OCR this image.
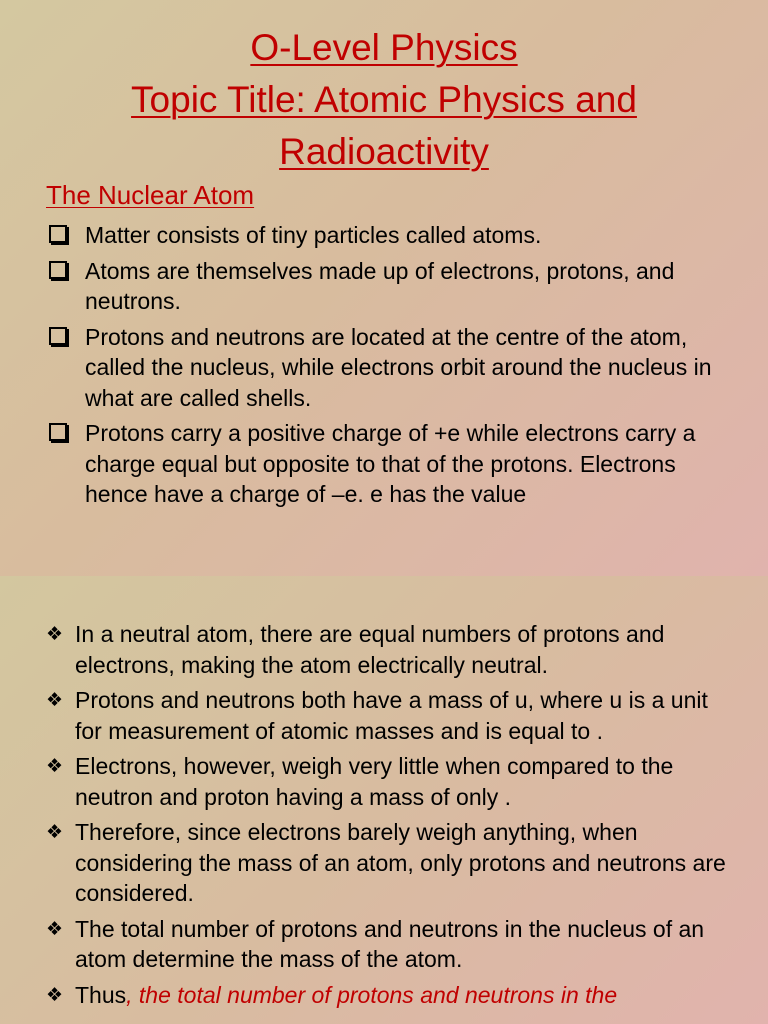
O-Level Physics
Topic Title: Atomic Physics and
Radioactivity
The Nuclear Atom
Matter consists of tiny particles called atoms.
Atoms are themselves made up of electrons, protons, and neutrons.
Protons and neutrons are located at the centre of the atom, called the nucleus, while electrons orbit around the nucleus in what are called shells.
Protons carry a positive charge of +e while electrons carry a charge equal but opposite to that of the protons. Electrons hence have a charge of –e. e has the value
❖ In a neutral atom, there are equal numbers of protons and electrons, making the atom electrically neutral.
❖ Protons and neutrons both have a mass of u, where u is a unit for measurement of atomic masses and is equal to .
❖ Electrons, however, weigh very little when compared to the neutron and proton having a mass of only .
❖ Therefore, since electrons barely weigh anything, when considering the mass of an atom, only protons and neutrons are considered.
❖ The total number of protons and neutrons in the nucleus of an atom determine the mass of the atom.
❖ Thus, the total number of protons and neutrons in the
